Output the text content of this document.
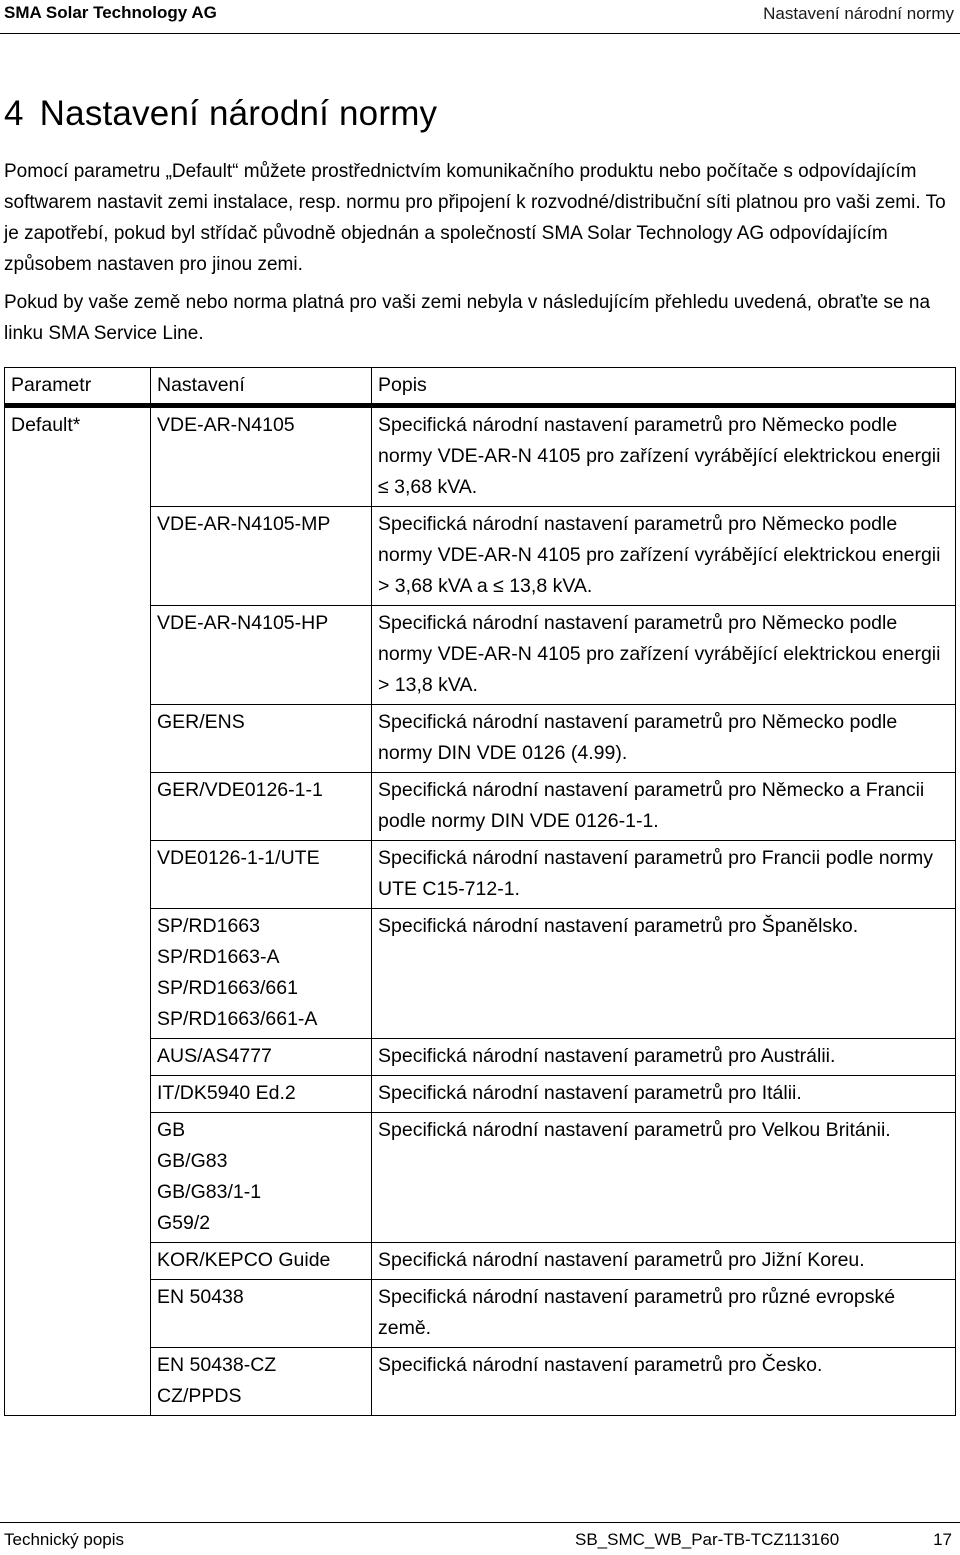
SMA Solar Technology AG	Nastavení národní normy
4 Nastavení národní normy

Pomocí parametru „Default“ můžete prostřednictvím komunikačního produktu nebo počítače s odpovídajícím softwarem nastavit zemi instalace, resp. normu pro připojení k rozvodné/distribuční síti platnou pro vaši zemi. To je zapotřebí, pokud byl střídač původně objednán a společností SMA Solar Technology AG odpovídajícím způsobem nastaven pro jinou zemi.

Pokud by vaše země nebo norma platná pro vaši zemi nebyla v následujícím přehledu uvedená, obraťte se na linku SMA Service Line.

Parametr	Nastavení	Popis
Default*	VDE-AR-N4105	Specifická národní nastavení parametrů pro Německo podle normy VDE-AR-N 4105 pro zařízení vyrábějící elektrickou energii ≤ 3,68 kVA.
	VDE-AR-N4105-MP	Specifická národní nastavení parametrů pro Německo podle normy VDE-AR-N 4105 pro zařízení vyrábějící elektrickou energii > 3,68 kVA a ≤ 13,8 kVA.
	VDE-AR-N4105-HP	Specifická národní nastavení parametrů pro Německo podle normy VDE-AR-N 4105 pro zařízení vyrábějící elektrickou energii > 13,8 kVA.
	GER/ENS	Specifická národní nastavení parametrů pro Německo podle normy DIN VDE 0126 (4.99).
	GER/VDE0126-1-1	Specifická národní nastavení parametrů pro Německo a Francii podle normy DIN VDE 0126-1-1.
	VDE0126-1-1/UTE	Specifická národní nastavení parametrů pro Francii podle normy UTE C15-712-1.
	SP/RD1663
SP/RD1663-A
SP/RD1663/661
SP/RD1663/661-A	Specifická národní nastavení parametrů pro Španělsko.
	AUS/AS4777	Specifická národní nastavení parametrů pro Austrálii.
	IT/DK5940 Ed.2	Specifická národní nastavení parametrů pro Itálii.
	GB
GB/G83
GB/G83/1-1
G59/2	Specifická národní nastavení parametrů pro Velkou Británii.
	KOR/KEPCO Guide	Specifická národní nastavení parametrů pro Jižní Koreu.
	EN 50438	Specifická národní nastavení parametrů pro různé evropské země.
	EN 50438-CZ
CZ/PPDS	Specifická národní nastavení parametrů pro Česko.
Technický popis	SB_SMC_WB_Par-TB-TCZ113160	17
